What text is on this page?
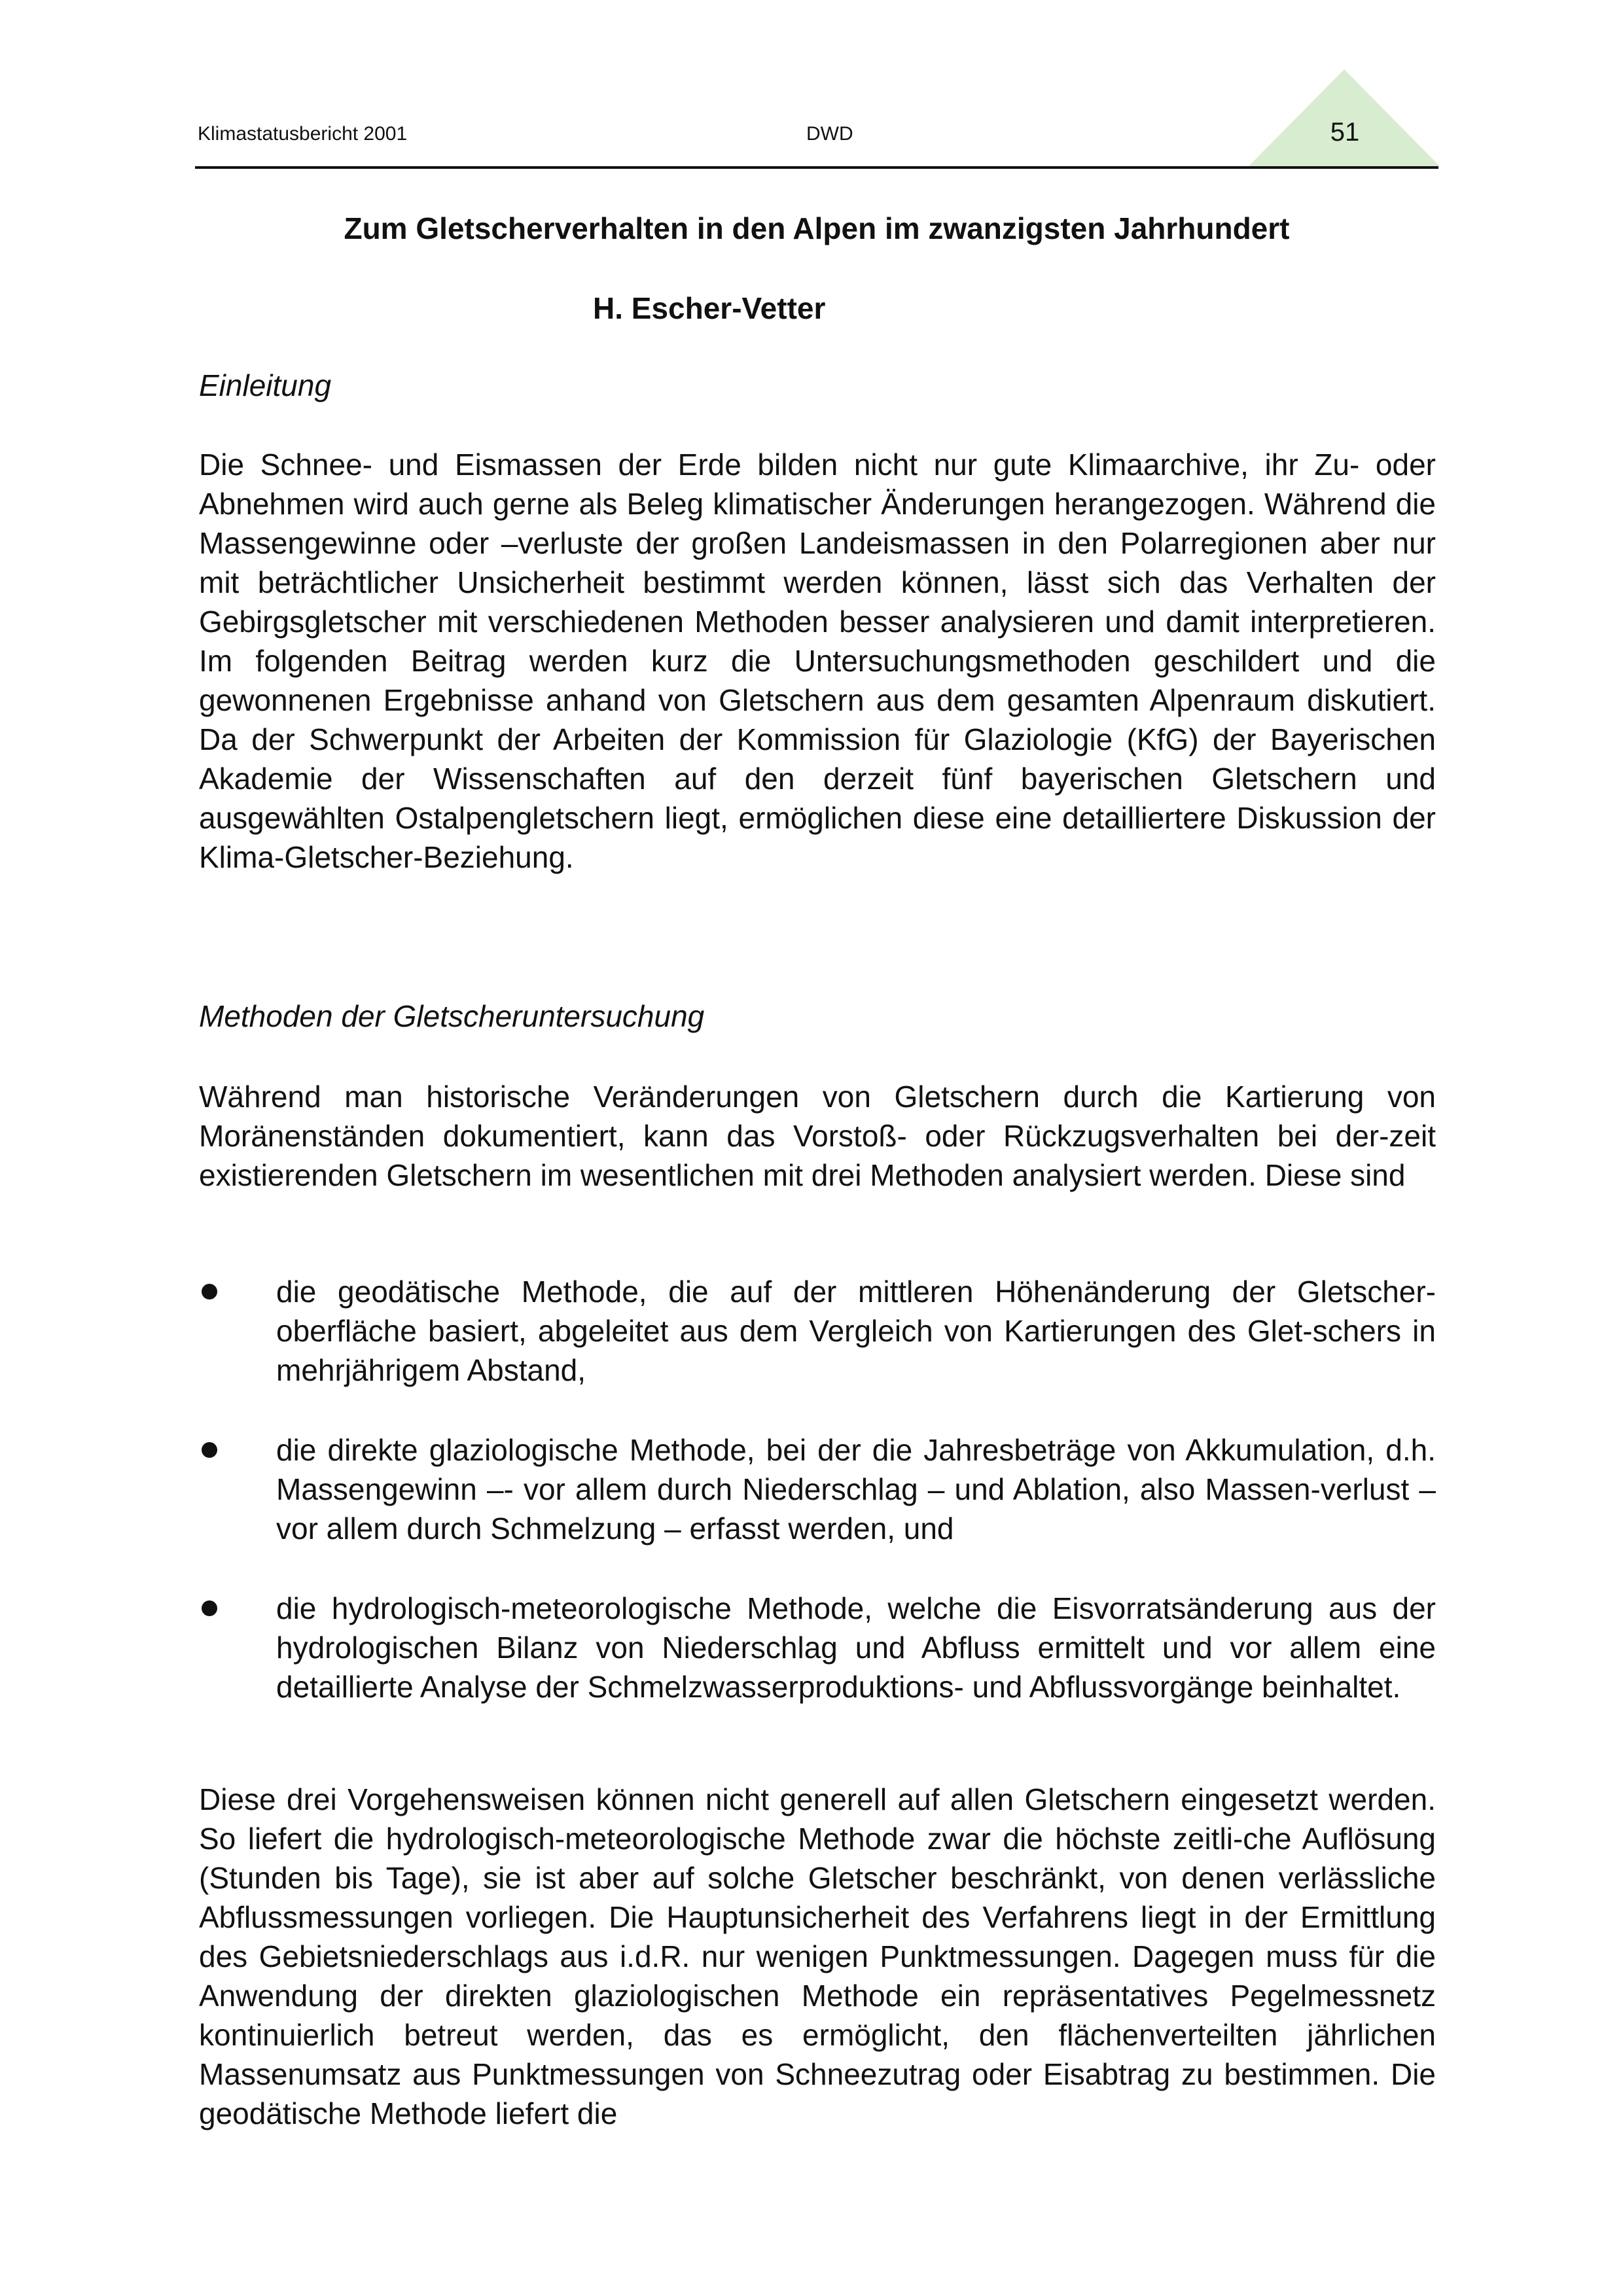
Klimastatusbericht 2001	DWD	51
Zum Gletscherverhalten in den Alpen im zwanzigsten Jahrhundert
H. Escher-Vetter
Einleitung
Die Schnee- und Eismassen der Erde bilden nicht nur gute Klimaarchive, ihr Zu- oder Abnehmen wird auch gerne als Beleg klimatischer Änderungen herangezogen. Während die Massengewinne oder –verluste der großen Landeismassen in den Polarregionen aber nur mit beträchtlicher Unsicherheit bestimmt werden können, lässt sich das Verhalten der Gebirgsgletscher mit verschiedenen Methoden besser analysieren und damit interpretieren. Im folgenden Beitrag werden kurz die Untersuchungsmethoden geschildert und die gewonnenen Ergebnisse anhand von Gletschern aus dem gesamten Alpenraum diskutiert. Da der Schwerpunkt der Arbeiten der Kommission für Glaziologie (KfG) der Bayerischen Akademie der Wissenschaften auf den derzeit fünf bayerischen Gletschern und ausgewählten Ostalpengletschern liegt, ermöglichen diese eine detailliertere Diskussion der Klima-Gletscher-Beziehung.
Methoden der Gletscheruntersuchung
Während man historische Veränderungen von Gletschern durch die Kartierung von Moränenständen dokumentiert, kann das Vorstoß- oder Rückzugsverhalten bei der-zeit existierenden Gletschern im wesentlichen mit drei Methoden analysiert werden. Diese sind
die geodätische Methode, die auf der mittleren Höhenänderung der Gletscher-oberfläche basiert, abgeleitet aus dem Vergleich von Kartierungen des Glet-schers in mehrjährigem Abstand,
die direkte glaziologische Methode, bei der die Jahresbeträge von Akkumulation, d.h. Massengewinn –- vor allem durch Niederschlag – und Ablation, also Massen-verlust – vor allem durch Schmelzung – erfasst werden, und
die hydrologisch-meteorologische Methode, welche die Eisvorratsänderung aus der hydrologischen Bilanz von Niederschlag und Abfluss ermittelt und vor allem eine detaillierte Analyse der Schmelzwasserproduktions- und Abflussvorgänge beinhaltet.
Diese drei Vorgehensweisen können nicht generell auf allen Gletschern eingesetzt werden. So liefert die hydrologisch-meteorologische Methode zwar die höchste zeitli-che Auflösung (Stunden bis Tage), sie ist aber auf solche Gletscher beschränkt, von denen verlässliche Abflussmessungen vorliegen. Die Hauptunsicherheit des Verfahrens liegt in der Ermittlung des Gebietsniederschlags aus i.d.R. nur wenigen Punktmessungen. Dagegen muss für die Anwendung der direkten glaziologischen Methode ein repräsentatives Pegelmessnetz kontinuierlich betreut werden, das es ermöglicht, den flächenverteilten jährlichen Massenumsatz aus Punktmessungen von Schneezutrag oder Eisabtrag zu bestimmen. Die geodätische Methode liefert die
